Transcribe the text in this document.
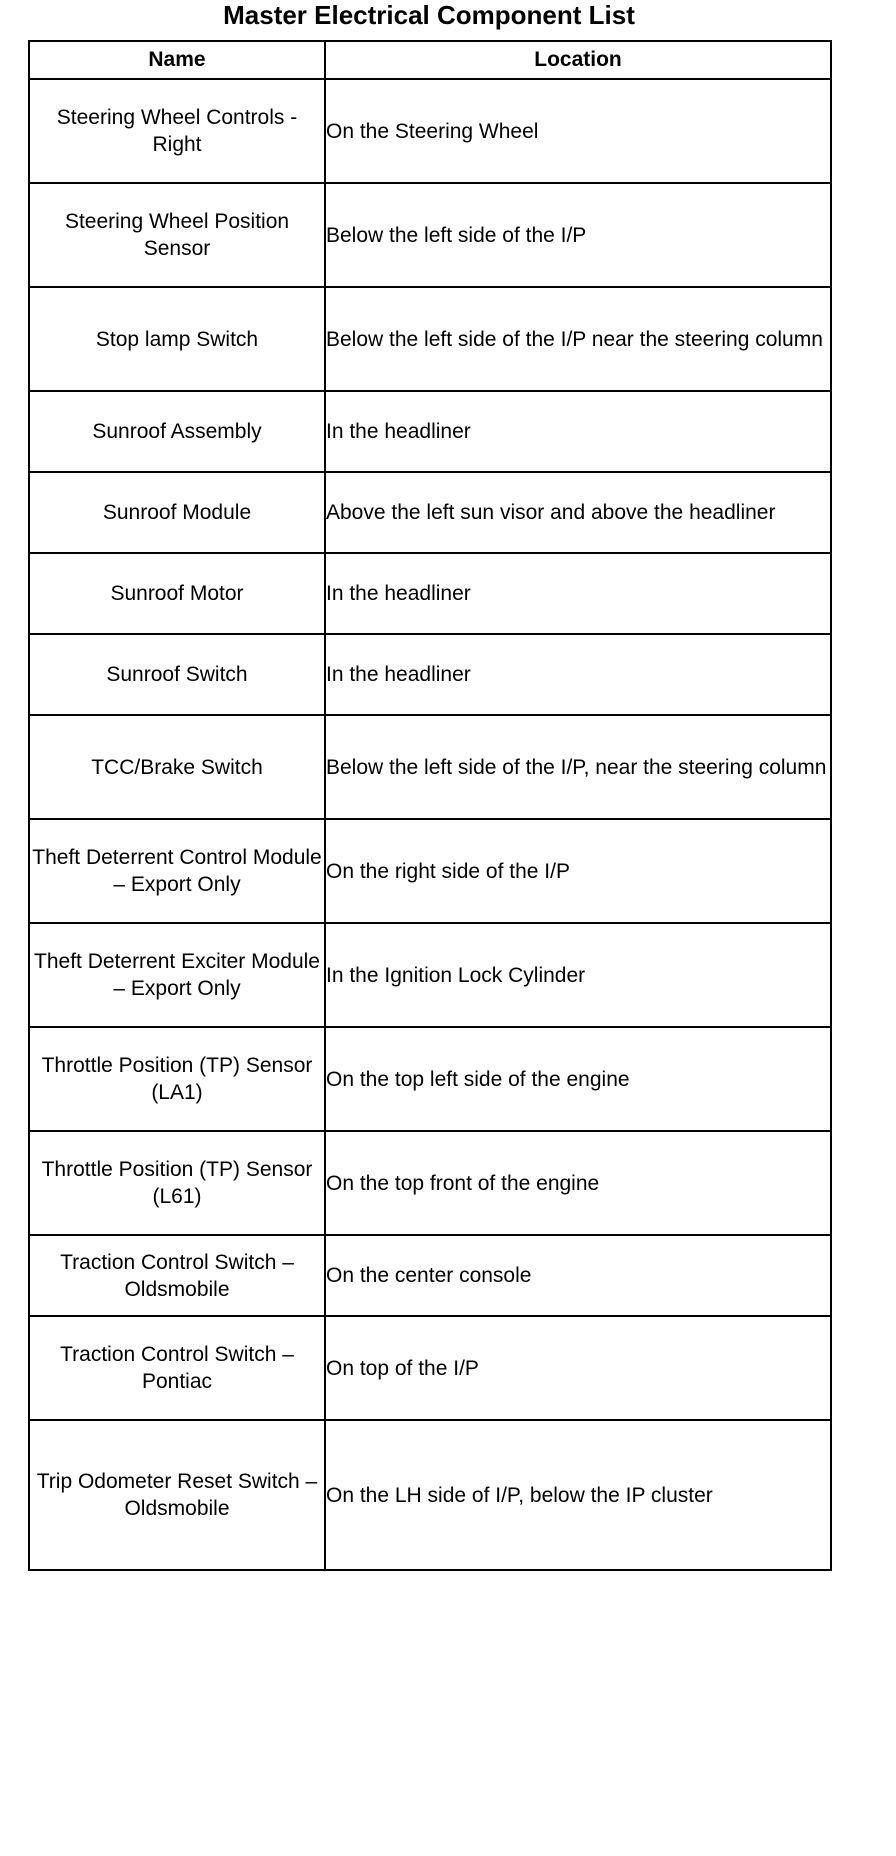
Master Electrical Component List
Name	Location
Steering Wheel Controls - Right	On the Steering Wheel
Steering Wheel Position Sensor	Below the left side of the I/P
Stop lamp Switch	Below the left side of the I/P near the steering column
Sunroof Assembly	In the headliner
Sunroof Module	Above the left sun visor and above the headliner
Sunroof Motor	In the headliner
Sunroof Switch	In the headliner
TCC/Brake Switch	Below the left side of the I/P, near the steering column
Theft Deterrent Control Module – Export Only	On the right side of the I/P
Theft Deterrent Exciter Module – Export Only	In the Ignition Lock Cylinder
Throttle Position (TP) Sensor (LA1)	On the top left side of the engine
Throttle Position (TP) Sensor (L61)	On the top front of the engine
Traction Control Switch – Oldsmobile	On the center console
Traction Control Switch – Pontiac	On top of the I/P
Trip Odometer Reset Switch – Oldsmobile	On the LH side of I/P, below the IP cluster
